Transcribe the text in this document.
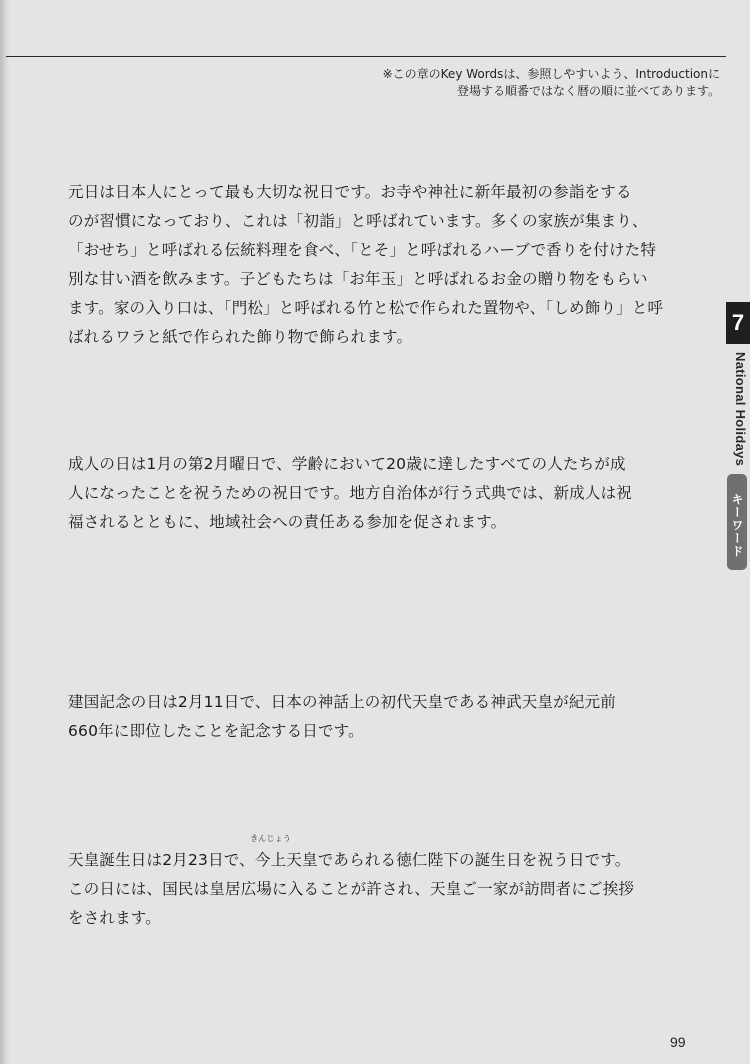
※この章のKey Wordsは、参照しやすいよう、Introductionに
登場する順番ではなく暦の順に並べてあります。
元日は日本人にとって最も大切な祝日です。お寺や神社に新年最初の参詣をする
のが習慣になっており、これは「初詣」と呼ばれています。多くの家族が集まり、
「おせち」と呼ばれる伝統料理を食べ、「とそ」と呼ばれるハーブで香りを付けた特
別な甘い酒を飲みます。子どもたちは「お年玉」と呼ばれるお金の贈り物をもらい
ます。家の入り口は、「門松」と呼ばれる竹と松で作られた置物や、「しめ飾り」と呼
ばれるワラと紙で作られた飾り物で飾られます。
成人の日は1月の第2月曜日で、学齢において20歳に達したすべての人たちが成
人になったことを祝うための祝日です。地方自治体が行う式典では、新成人は祝
福されるとともに、地域社会への責任ある参加を促されます。
建国記念の日は2月11日で、日本の神話上の初代天皇である神武天皇が紀元前
660年に即位したことを記念する日です。
天皇誕生日は2月23日で、
きんじょう
今上天皇であられる徳仁陛下の誕生日を祝う日です。
この日には、国民は皇居広場に入ることが許され、天皇ご一家が訪問者にご挨拶
をされます。
7
National Holidays
キーワード
99
